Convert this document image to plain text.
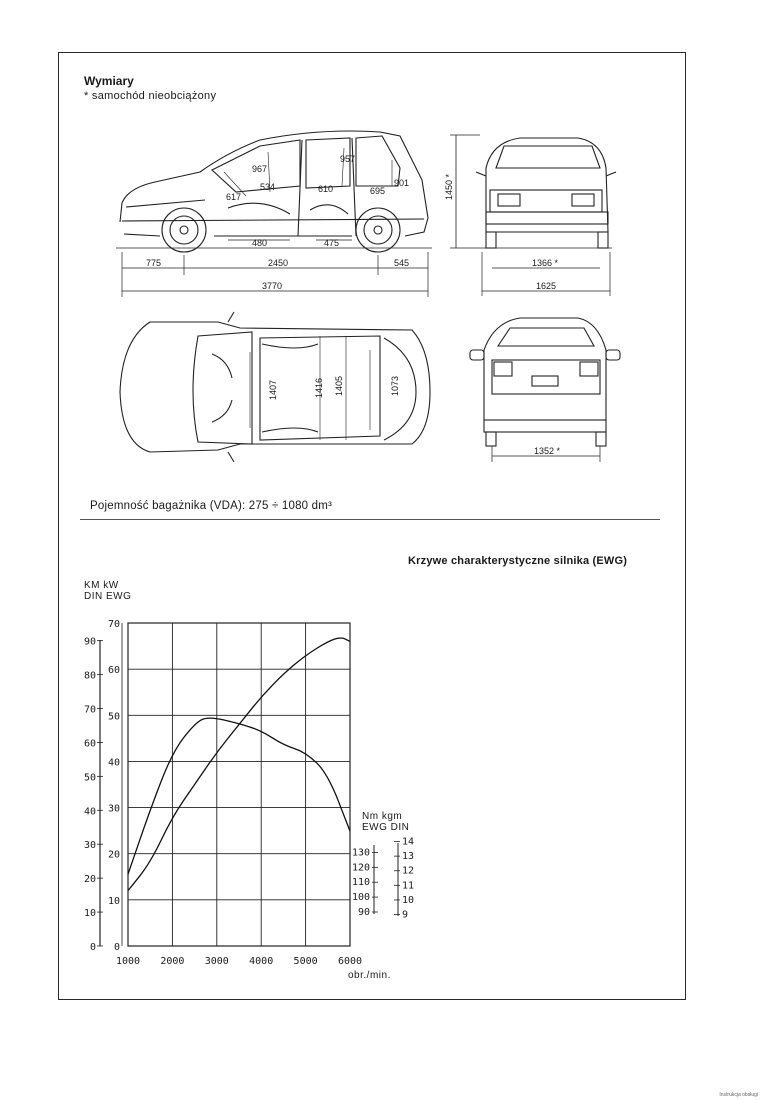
Wymiary
* samochód nieobciążony
775	2450	545
3770
480	475
617
967
534	610
957
695
901	1450 *
1366 *
1625
1352 *
1407	1416 1405	1073
Pojemność bagażnika (VDA): 275 ÷ 1080 dm³
Krzywe charakterystyczne silnika (EWG)
KM kW
DIN EWG
Nm kgm
EWG DIN
obr./min.
1000 2000 3000 4000 5000 6000
0
10
20
30
40
50
60
70
0
10
20
30
40
50
60
70
80
90
90
100
110
120
130
9
10
11
12
13
14
Instrukcja obsługi
